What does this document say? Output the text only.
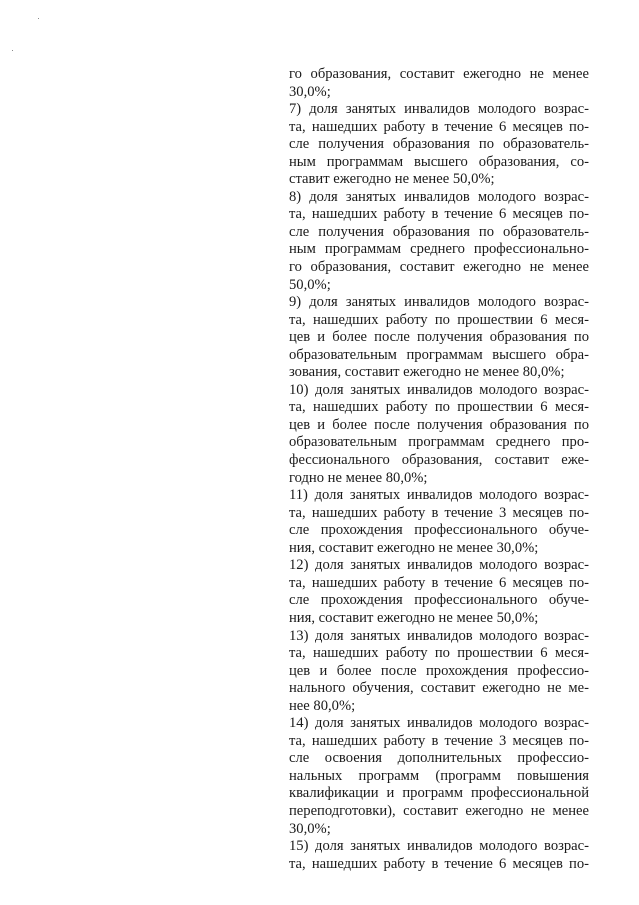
го образования, составит ежегодно не менее
30,0%;
7) доля занятых инвалидов молодого возрас-
та, нашедших работу в течение 6 месяцев по-
сле получения образования по образователь-
ным программам высшего образования, со-
ставит ежегодно не менее 50,0%;
8) доля занятых инвалидов молодого возрас-
та, нашедших работу в течение 6 месяцев по-
сле получения образования по образователь-
ным программам среднего профессионально-
го образования, составит ежегодно не менее
50,0%;
9) доля занятых инвалидов молодого возрас-
та, нашедших работу по прошествии 6 меся-
цев и более после получения образования по
образовательным программам высшего обра-
зования, составит ежегодно не менее 80,0%;
10) доля занятых инвалидов молодого возрас-
та, нашедших работу по прошествии 6 меся-
цев и более после получения образования по
образовательным программам среднего про-
фессионального образования, составит еже-
годно не менее 80,0%;
11) доля занятых инвалидов молодого возрас-
та, нашедших работу в течение 3 месяцев по-
сле прохождения профессионального обуче-
ния, составит ежегодно не менее 30,0%;
12) доля занятых инвалидов молодого возрас-
та, нашедших работу в течение 6 месяцев по-
сле прохождения профессионального обуче-
ния, составит ежегодно не менее 50,0%;
13) доля занятых инвалидов молодого возрас-
та, нашедших работу по прошествии 6 меся-
цев и более после прохождения профессио-
нального обучения, составит ежегодно не ме-
нее 80,0%;
14) доля занятых инвалидов молодого возрас-
та, нашедших работу в течение 3 месяцев по-
сле освоения дополнительных профессио-
нальных программ (программ повышения
квалификации и программ профессиональной
переподготовки), составит ежегодно не менее
30,0%;
15) доля занятых инвалидов молодого возрас-
та, нашедших работу в течение 6 месяцев по-
